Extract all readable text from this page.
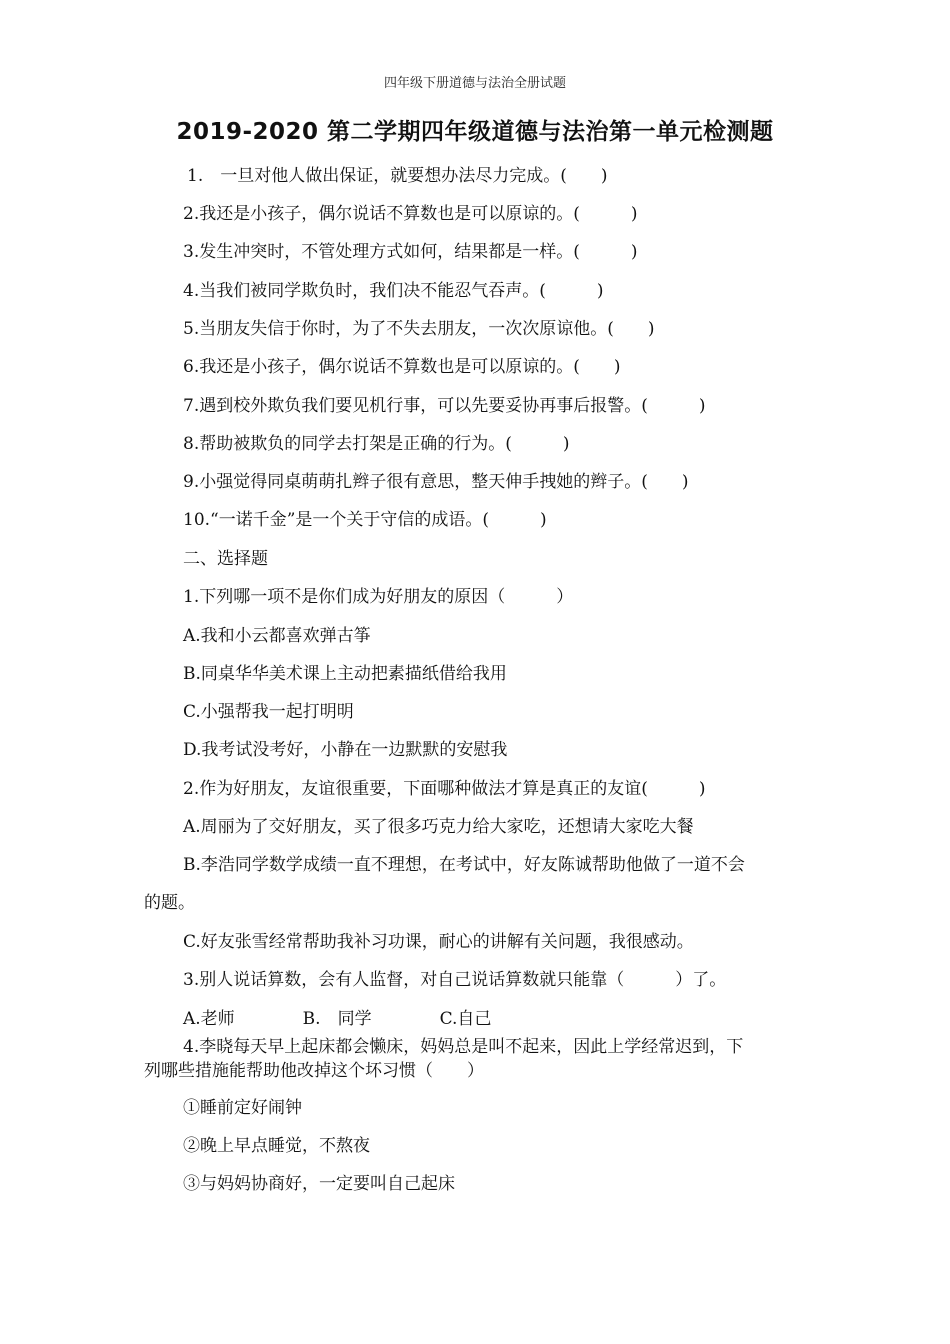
四年级下册道德与法治全册试题
2019-2020 第二学期四年级道德与法治第一单元检测题
1.　一旦对他人做出保证，就要想办法尽力完成。(　　)
2.我还是小孩子，偶尔说话不算数也是可以原谅的。(　　　)
3.发生冲突时，不管处理方式如何，结果都是一样。(　　　)
4.当我们被同学欺负时，我们决不能忍气吞声。(　　　)
5.当朋友失信于你时，为了不失去朋友，一次次原谅他。(　　)
6.我还是小孩子，偶尔说话不算数也是可以原谅的。(　　)
7.遇到校外欺负我们要见机行事，可以先要妥协再事后报警。(　　　)
8.帮助被欺负的同学去打架是正确的行为。(　　　)
9.小强觉得同桌萌萌扎辫子很有意思，整天伸手拽她的辫子。(　　)
10.“一诺千金”是一个关于守信的成语。(　　　)
二、选择题
1.下列哪一项不是你们成为好朋友的原因（　　　）
A.我和小云都喜欢弹古筝
B.同桌华华美术课上主动把素描纸借给我用
C.小强帮我一起打明明
D.我考试没考好，小静在一边默默的安慰我
2.作为好朋友，友谊很重要，下面哪种做法才算是真正的友谊(　　　)
A.周丽为了交好朋友，买了很多巧克力给大家吃，还想请大家吃大餐
B.李浩同学数学成绩一直不理想，在考试中，好友陈诚帮助他做了一道不会
的题。
C.好友张雪经常帮助我补习功课，耐心的讲解有关问题，我很感动。
3.别人说话算数，会有人监督，对自己说话算数就只能靠（　　　）了。
A.老师　　　　B.　同学　　　　C.自己
4.李晓每天早上起床都会懒床，妈妈总是叫不起来，因此上学经常迟到，下
列哪些措施能帮助他改掉这个坏习惯（　　）
①睡前定好闹钟
②晚上早点睡觉，不熬夜
③与妈妈协商好，一定要叫自己起床
